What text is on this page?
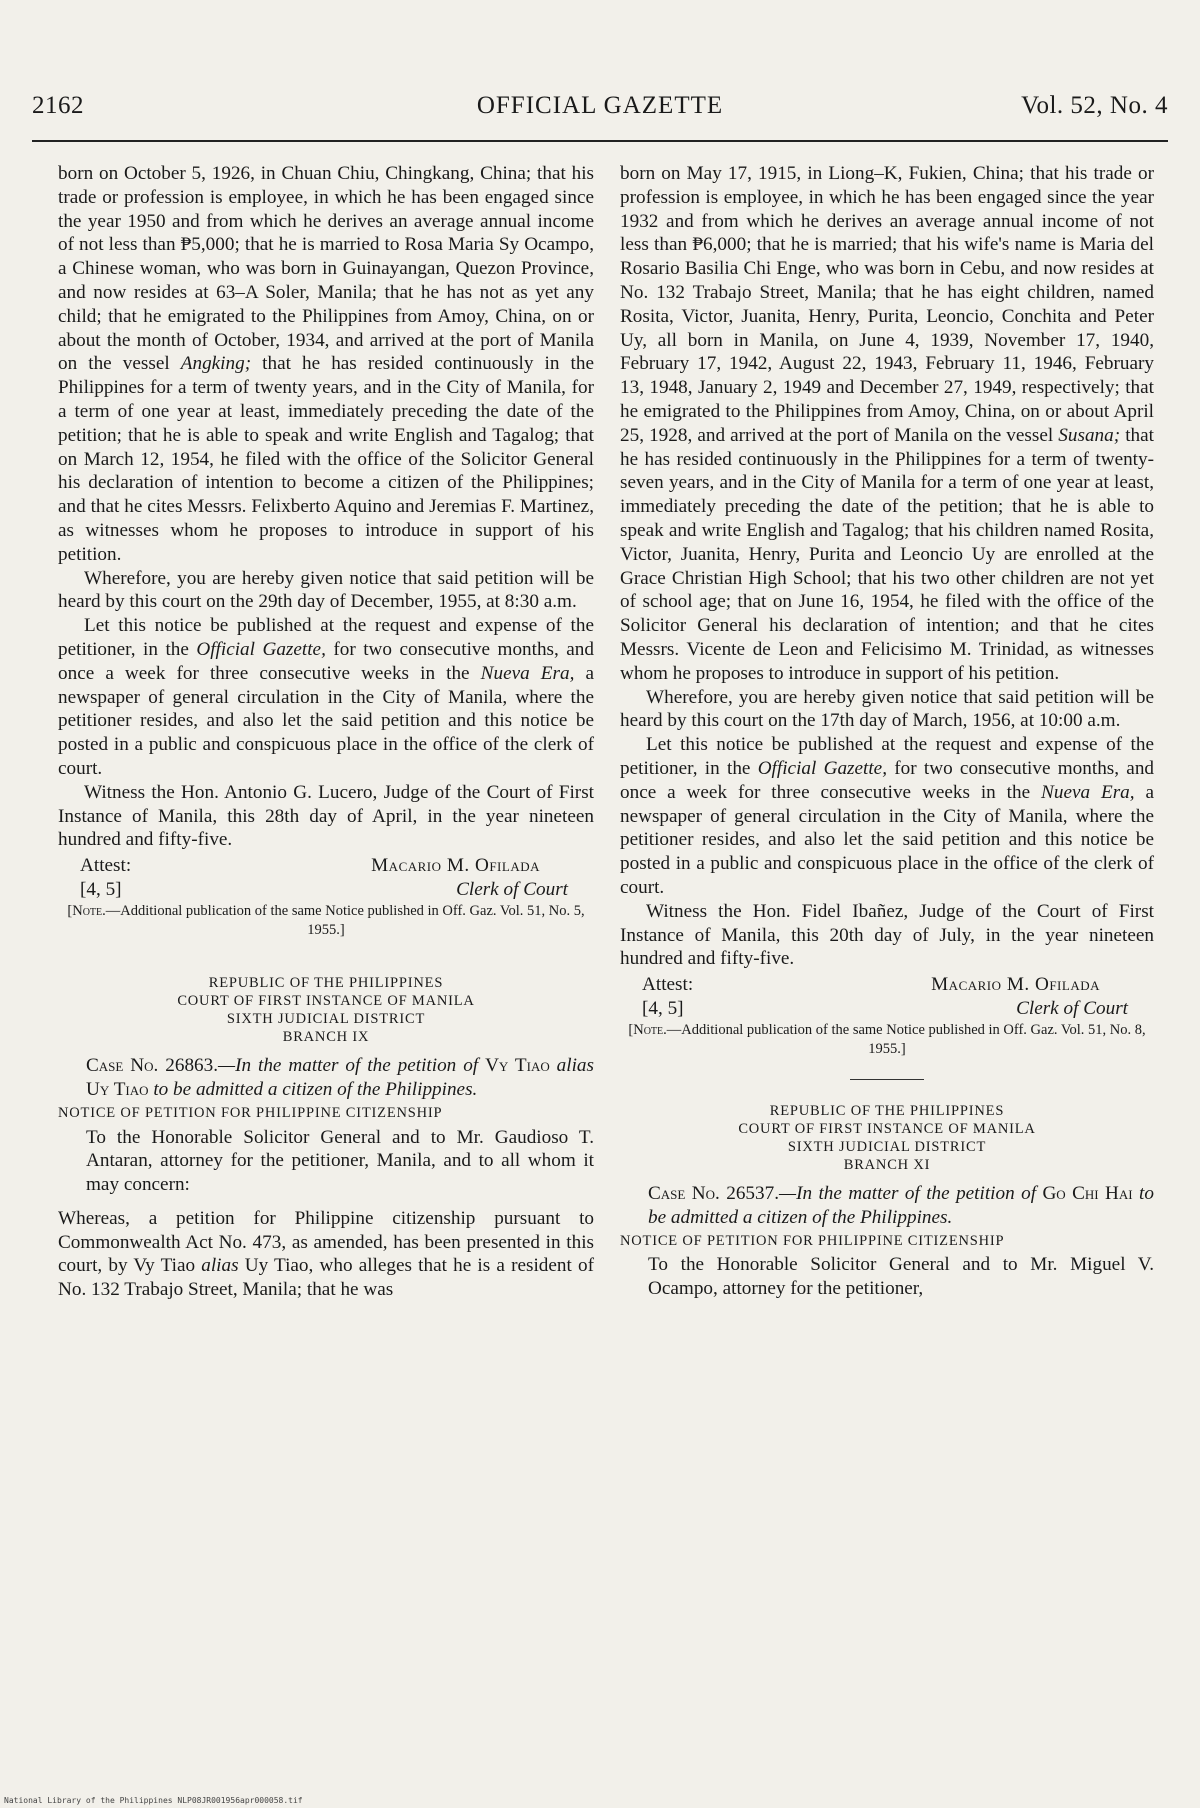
2162	OFFICIAL GAZETTE	Vol. 52, No. 4

born on October 5, 1926, in Chuan Chiu, Chingkang, China; that his trade or profession is employee, in which he has been engaged since the year 1950 and from which he derives an average annual income of not less than ₱5,000; that he is married to Rosa Maria Sy Ocampo, a Chinese woman, who was born in Guinayangan, Quezon Province, and now resides at 63–A Soler, Manila; that he has not as yet any child; that he emigrated to the Philippines from Amoy, China, on or about the month of October, 1934, and arrived at the port of Manila on the vessel Angking; that he has resided continuously in the Philippines for a term of twenty years, and in the City of Manila, for a term of one year at least, immediately preceding the date of the petition; that he is able to speak and write English and Tagalog; that on March 12, 1954, he filed with the office of the Solicitor General his declaration of intention to become a citizen of the Philippines; and that he cites Messrs. Felixberto Aquino and Jeremias F. Martinez, as witnesses whom he proposes to introduce in support of his petition.

Wherefore, you are hereby given notice that said petition will be heard by this court on the 29th day of December, 1955, at 8:30 a.m.

Let this notice be published at the request and expense of the petitioner, in the Official Gazette, for two consecutive months, and once a week for three consecutive weeks in the Nueva Era, a newspaper of general circulation in the City of Manila, where the petitioner resides, and also let the said petition and this notice be posted in a public and conspicuous place in the office of the clerk of court.

Witness the Hon. Antonio G. Lucero, Judge of the Court of First Instance of Manila, this 28th day of April, in the year nineteen hundred and fifty-five.

Attest:
[4, 5]
Macario M. Ofilada
Clerk of Court

[Note.—Additional publication of the same Notice published in Off. Gaz. Vol. 51, No. 5, 1955.]

REPUBLIC OF THE PHILIPPINES
COURT OF FIRST INSTANCE OF MANILA
SIXTH JUDICIAL DISTRICT
BRANCH IX

Case No. 26863.—In the matter of the petition of Vy Tiao alias Uy Tiao to be admitted a citizen of the Philippines.

NOTICE OF PETITION FOR PHILIPPINE CITIZENSHIP

To the Honorable Solicitor General and to Mr. Gaudioso T. Antaran, attorney for the petitioner, Manila, and to all whom it may concern:

Whereas, a petition for Philippine citizenship pursuant to Commonwealth Act No. 473, as amended, has been presented in this court, by Vy Tiao alias Uy Tiao, who alleges that he is a resident of No. 132 Trabajo Street, Manila; that he was

born on May 17, 1915, in Liong–K, Fukien, China; that his trade or profession is employee, in which he has been engaged since the year 1932 and from which he derives an average annual income of not less than ₱6,000; that he is married; that his wife's name is Maria del Rosario Basilia Chi Enge, who was born in Cebu, and now resides at No. 132 Trabajo Street, Manila; that he has eight children, named Rosita, Victor, Juanita, Henry, Purita, Leoncio, Conchita and Peter Uy, all born in Manila, on June 4, 1939, November 17, 1940, February 17, 1942, August 22, 1943, February 11, 1946, February 13, 1948, January 2, 1949 and December 27, 1949, respectively; that he emigrated to the Philippines from Amoy, China, on or about April 25, 1928, and arrived at the port of Manila on the vessel Susana; that he has resided continuously in the Philippines for a term of twenty-seven years, and in the City of Manila for a term of one year at least, immediately preceding the date of the petition; that he is able to speak and write English and Tagalog; that his children named Rosita, Victor, Juanita, Henry, Purita and Leoncio Uy are enrolled at the Grace Christian High School; that his two other children are not yet of school age; that on June 16, 1954, he filed with the office of the Solicitor General his declaration of intention; and that he cites Messrs. Vicente de Leon and Felicisimo M. Trinidad, as witnesses whom he proposes to introduce in support of his petition.

Wherefore, you are hereby given notice that said petition will be heard by this court on the 17th day of March, 1956, at 10:00 a.m.

Let this notice be published at the request and expense of the petitioner, in the Official Gazette, for two consecutive months, and once a week for three consecutive weeks in the Nueva Era, a newspaper of general circulation in the City of Manila, where the petitioner resides, and also let the said petition and this notice be posted in a public and conspicuous place in the office of the clerk of court.

Witness the Hon. Fidel Ibañez, Judge of the Court of First Instance of Manila, this 20th day of July, in the year nineteen hundred and fifty-five.

Attest:
[4, 5]
Macario M. Ofilada
Clerk of Court

[Note.—Additional publication of the same Notice published in Off. Gaz. Vol. 51, No. 8, 1955.]

REPUBLIC OF THE PHILIPPINES
COURT OF FIRST INSTANCE OF MANILA
SIXTH JUDICIAL DISTRICT
BRANCH XI

Case No. 26537.—In the matter of the petition of Go Chi Hai to be admitted a citizen of the Philippines.

NOTICE OF PETITION FOR PHILIPPINE CITIZENSHIP

To the Honorable Solicitor General and to Mr. Miguel V. Ocampo, attorney for the petitioner,

National Library of the Philippines NLP08JR001956apr000058.tif
